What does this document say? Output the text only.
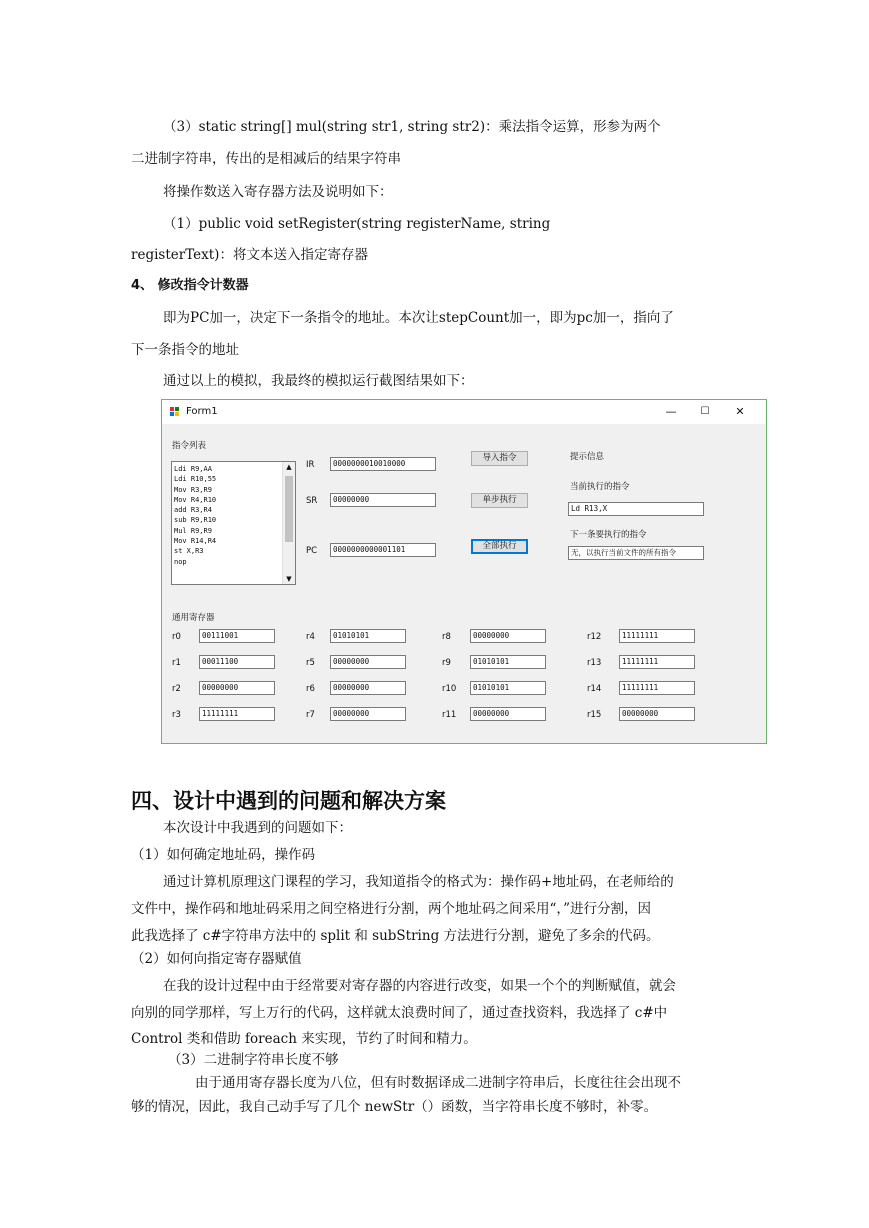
（3）static string[] mul(string str1, string str2)：乘法指令运算，形参为两个
二进制字符串，传出的是相减后的结果字符串
将操作数送入寄存器方法及说明如下：
（1）public void setRegister(string registerName, string
registerText)：将文本送入指定寄存器
4、 修改指令计数器
即为PC加一，决定下一条指令的地址。本次让stepCount加一，即为pc加一，指向了
下一条指令的地址
通过以上的模拟，我最终的模拟运行截图结果如下：
Form1	—	☐	✕
指令列表
Ldi R9,AA
Ldi R10,55
Mov R3,R9
Mov R4,R10
add R3,R4
sub R9,R10
Mul R9,R9
Mov R14,R4
st X,R3
nop
▲
▼
IR	0000000010010000
SR	00000000
PC	0000000000001101
导入指令
单步执行
全部执行
提示信息
当前执行的指令
Ld R13,X
下一条要执行的指令
无，以执行当前文件的所有指令
通用寄存器
r0	00111001
r1	00011100
r2	00000000
r3	11111111
r4	01010101
r5	00000000
r6	00000000
r7	00000000
r8	00000000
r9	01010101
r10	01010101
r11	00000000
r12	11111111
r13	11111111
r14	11111111
r15	00000000
四、设计中遇到的问题和解决方案
本次设计中我遇到的问题如下：
（1）如何确定地址码，操作码
通过计算机原理这门课程的学习，我知道指令的格式为：操作码+地址码，在老师给的
文件中，操作码和地址码采用之间空格进行分割，两个地址码之间采用“，”进行分割，因
此我选择了 c#字符串方法中的 split 和 subString 方法进行分割，避免了多余的代码。
（2）如何向指定寄存器赋值
在我的设计过程中由于经常要对寄存器的内容进行改变，如果一个个的判断赋值，就会
向别的同学那样，写上万行的代码，这样就太浪费时间了，通过查找资料，我选择了 c#中
Control 类和借助 foreach 来实现，节约了时间和精力。
（3）二进制字符串长度不够
由于通用寄存器长度为八位，但有时数据译成二进制字符串后，长度往往会出现不
够的情况，因此，我自己动手写了几个 newStr（）函数，当字符串长度不够时，补零。
